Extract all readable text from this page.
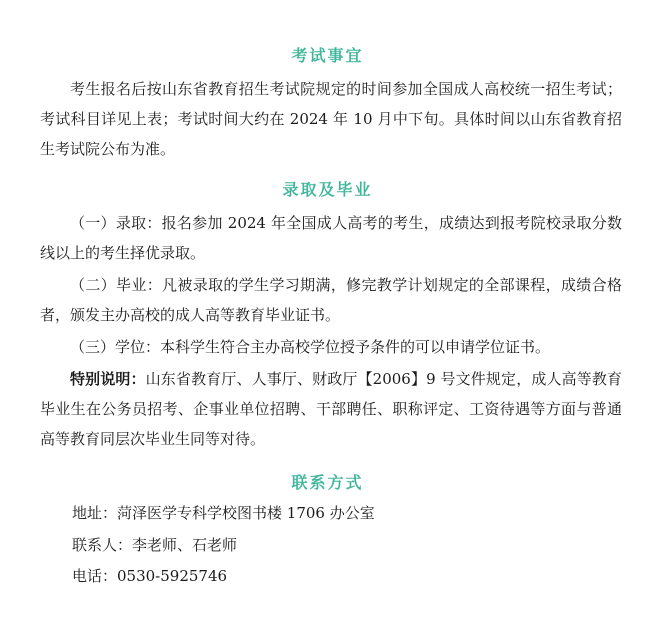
考试事宜
考生报名后按山东省教育招生考试院规定的时间参加全国成人高校统一招生考试；考试科目详见上表；考试时间大约在 2024 年 10 月中下旬。具体时间以山东省教育招生考试院公布为准。
录取及毕业
（一）录取：报名参加 2024 年全国成人高考的考生，成绩达到报考院校录取分数线以上的考生择优录取。
（二）毕业：凡被录取的学生学习期满，修完教学计划规定的全部课程，成绩合格者，颁发主办高校的成人高等教育毕业证书。
（三）学位：本科学生符合主办高校学位授予条件的可以申请学位证书。
特别说明：山东省教育厅、人事厅、财政厅【2006】9 号文件规定，成人高等教育毕业生在公务员招考、企事业单位招聘、干部聘任、职称评定、工资待遇等方面与普通高等教育同层次毕业生同等对待。
联系方式
地址：菏泽医学专科学校图书楼 1706 办公室
联系人：李老师、石老师
电话：0530-5925746
